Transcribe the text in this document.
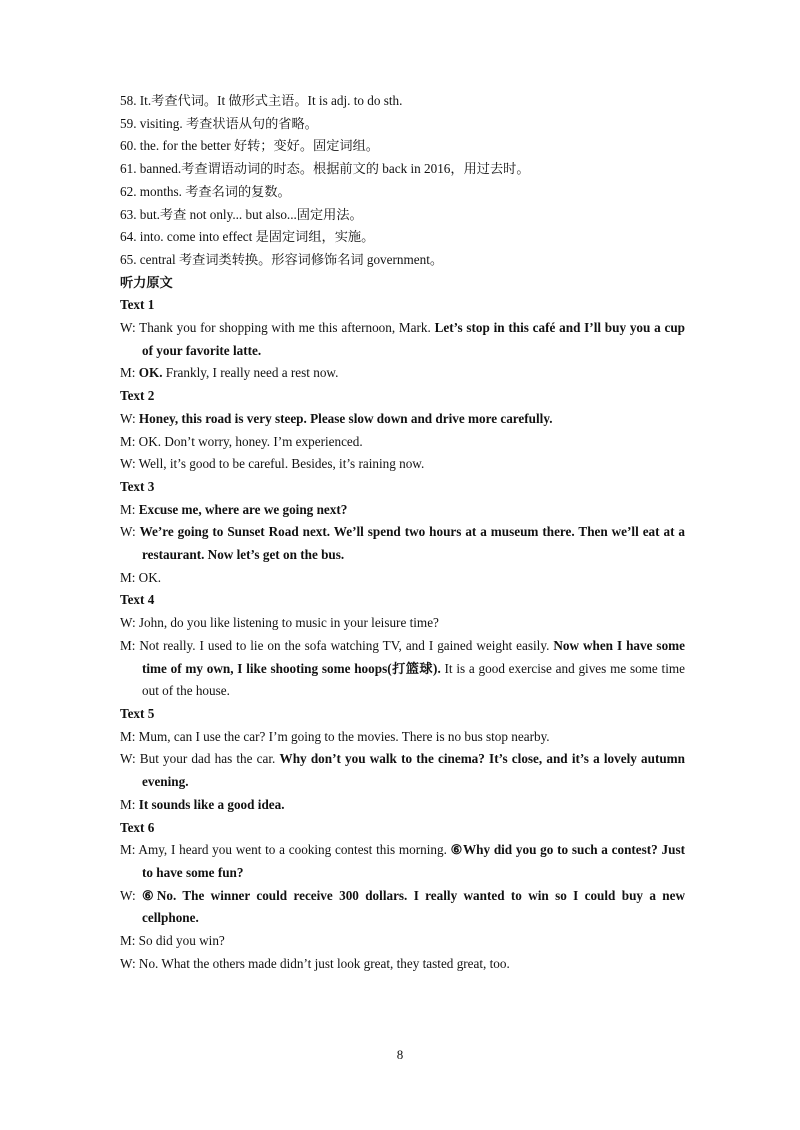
58. It.考查代词。It 做形式主语。It is adj. to do sth.
59. visiting. 考查状语从句的省略。
60. the. for the better 好转；变好。固定词组。
61. banned.考查谓语动词的时态。根据前文的 back in 2016，用过去时。
62. months. 考查名词的复数。
63. but.考查 not only... but also...固定用法。
64. into. come into effect 是固定词组，实施。
65. central 考查词类转换。形容词修饰名词 government。
听力原文
Text 1
W: Thank you for shopping with me this afternoon, Mark. Let’s stop in this café and I’ll buy you a cup of your favorite latte.
M: OK. Frankly, I really need a rest now.
Text 2
W: Honey, this road is very steep. Please slow down and drive more carefully.
M: OK. Don’t worry, honey. I’m experienced.
W: Well, it’s good to be careful. Besides, it’s raining now.
Text 3
M: Excuse me, where are we going next?
W: We’re going to Sunset Road next. We’ll spend two hours at a museum there. Then we’ll eat at a restaurant. Now let’s get on the bus.
M: OK.
Text 4
W: John, do you like listening to music in your leisure time?
M: Not really. I used to lie on the sofa watching TV, and I gained weight easily. Now when I have some time of my own, I like shooting some hoops(打篮球). It is a good exercise and gives me some time out of the house.
Text 5
M: Mum, can I use the car? I’m going to the movies. There is no bus stop nearby.
W: But your dad has the car. Why don’t you walk to the cinema? It’s close, and it’s a lovely autumn evening.
M: It sounds like a good idea.
Text 6
M: Amy, I heard you went to a cooking contest this morning. ⑥Why did you go to such a contest? Just to have some fun?
W: ⑥No. The winner could receive 300 dollars. I really wanted to win so I could buy a new cellphone.
M: So did you win?
W: No. What the others made didn’t just look great, they tasted great, too.
8
